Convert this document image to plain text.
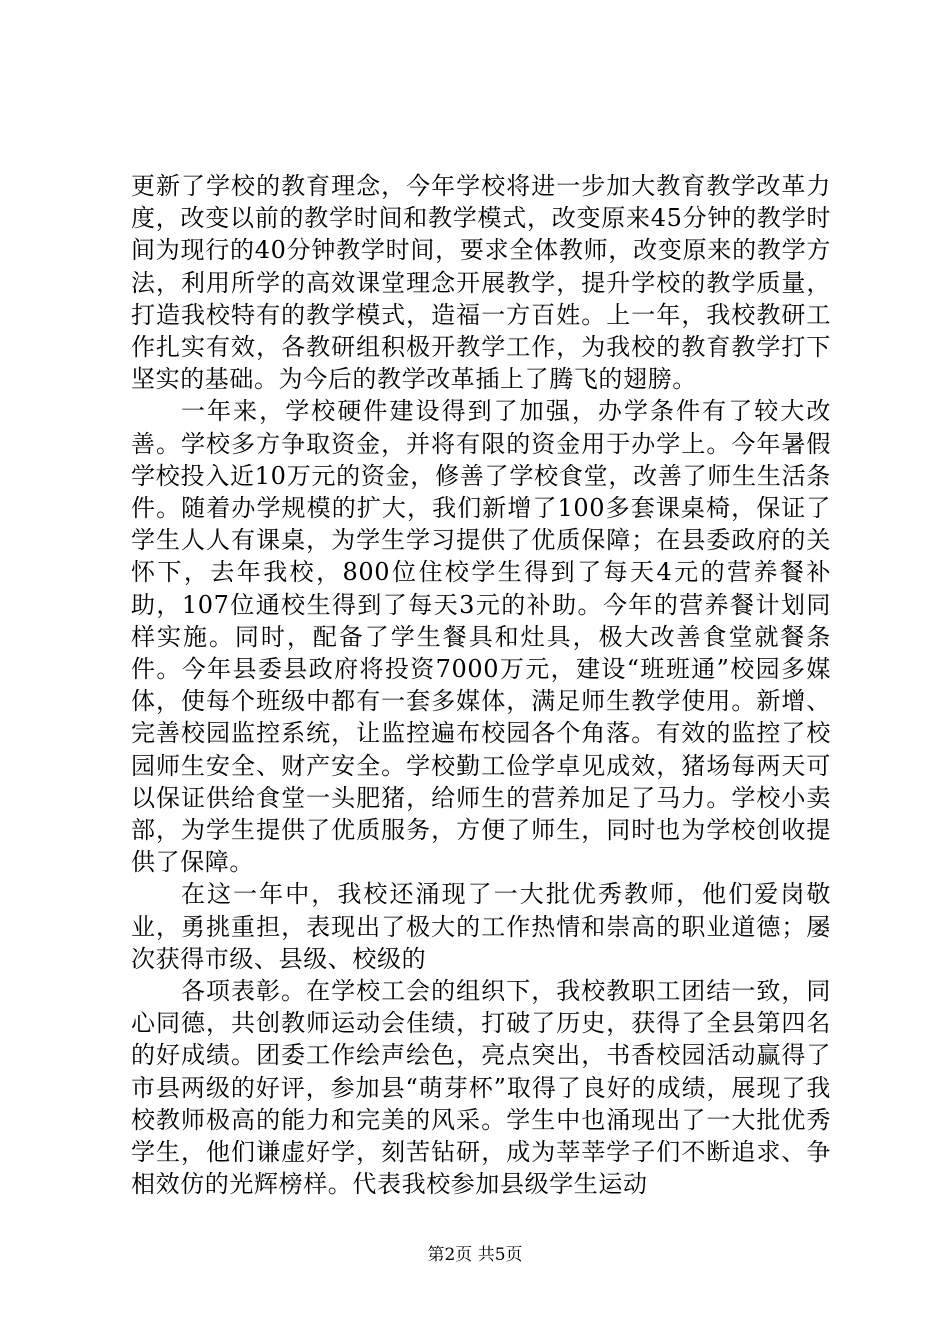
更新了学校的教育理念，今年学校将进一步加大教育教学改革力度，改变以前的教学时间和教学模式，改变原来45分钟的教学时间为现行的40分钟教学时间，要求全体教师，改变原来的教学方法，利用所学的高效课堂理念开展教学，提升学校的教学质量，打造我校特有的教学模式，造福一方百姓。上一年，我校教研工作扎实有效，各教研组积极开教学工作，为我校的教育教学打下坚实的基础。为今后的教学改革插上了腾飞的翅膀。

一年来，学校硬件建设得到了加强，办学条件有了较大改善。学校多方争取资金，并将有限的资金用于办学上。今年暑假学校投入近10万元的资金，修善了学校食堂，改善了师生生活条件。随着办学规模的扩大，我们新增了100多套课桌椅，保证了学生人人有课桌，为学生学习提供了优质保障；在县委政府的关怀下，去年我校，800位住校学生得到了每天4元的营养餐补助，107位通校生得到了每天3元的补助。今年的营养餐计划同样实施。同时，配备了学生餐具和灶具，极大改善食堂就餐条件。今年县委县政府将投资7000万元，建设“班班通”校园多媒体，使每个班级中都有一套多媒体，满足师生教学使用。新增、完善校园监控系统，让监控遍布校园各个角落。有效的监控了校园师生安全、财产安全。学校勤工俭学卓见成效，猪场每两天可以保证供给食堂一头肥猪，给师生的营养加足了马力。学校小卖部，为学生提供了优质服务，方便了师生，同时也为学校创收提供了保障。

在这一年中，我校还涌现了一大批优秀教师，他们爱岗敬业，勇挑重担，表现出了极大的工作热情和崇高的职业道德；屡次获得市级、县级、校级的

各项表彰。在学校工会的组织下，我校教职工团结一致，同心同德，共创教师运动会佳绩，打破了历史，获得了全县第四名的好成绩。团委工作绘声绘色，亮点突出，书香校园活动赢得了市县两级的好评，参加县“萌芽杯”取得了良好的成绩，展现了我校教师极高的能力和完美的风采。学生中也涌现出了一大批优秀学生，他们谦虚好学，刻苦钻研，成为莘莘学子们不断追求、争相效仿的光辉榜样。代表我校参加县级学生运动

第2页 共5页
